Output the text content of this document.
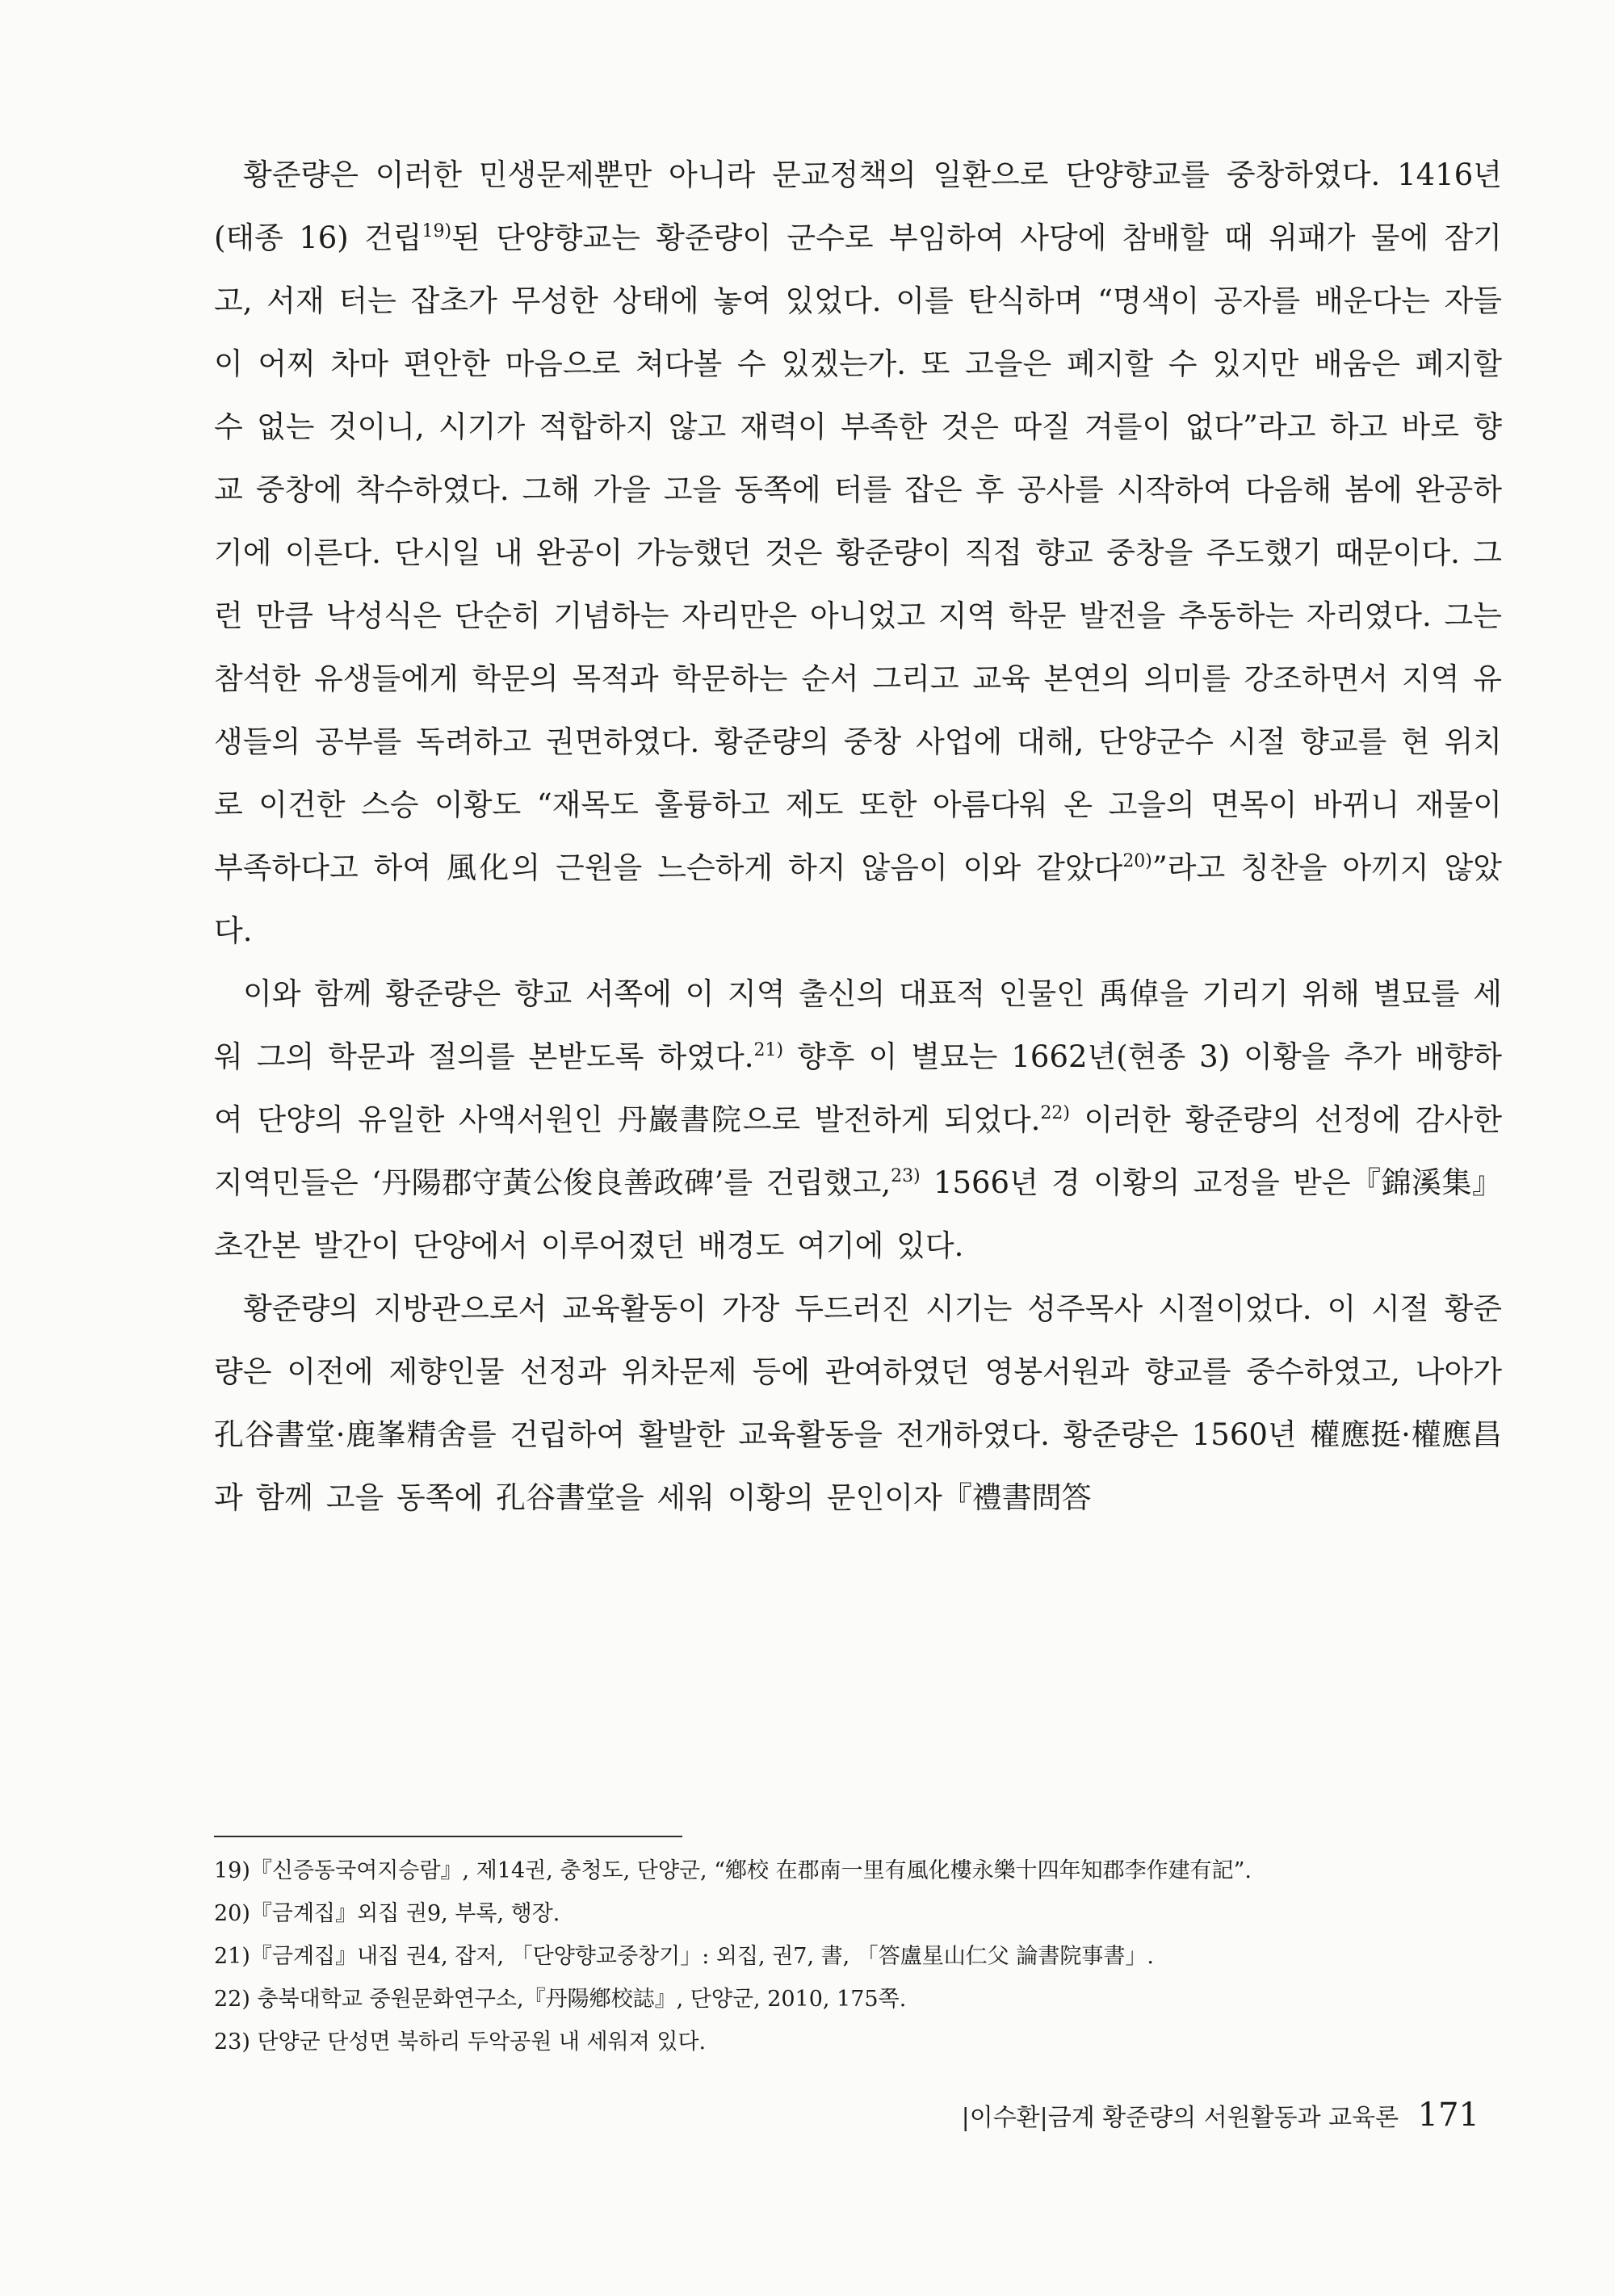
황준량은 이러한 민생문제뿐만 아니라 문교정책의 일환으로 단양향교를 중창하였다. 1416년(태종 16) 건립$^{19)}$된 단양향교는 황준량이 군수로 부임하여 사당에 참배할 때 위패가 물에 잠기고, 서재 터는 잡초가 무성한 상태에 놓여 있었다. 이를 탄식하며 “명색이 공자를 배운다는 자들이 어찌 차마 편안한 마음으로 쳐다볼 수 있겠는가. 또 고을은 폐지할 수 있지만 배움은 폐지할 수 없는 것이니, 시기가 적합하지 않고 재력이 부족한 것은 따질 겨를이 없다”라고 하고 바로 향교 중창에 착수하였다. 그해 가을 고을 동쪽에 터를 잡은 후 공사를 시작하여 다음해 봄에 완공하기에 이른다. 단시일 내 완공이 가능했던 것은 황준량이 직접 향교 중창을 주도했기 때문이다. 그런 만큼 낙성식은 단순히 기념하는 자리만은 아니었고 지역 학문 발전을 추동하는 자리였다. 그는 참석한 유생들에게 학문의 목적과 학문하는 순서 그리고 교육 본연의 의미를 강조하면서 지역 유생들의 공부를 독려하고 권면하였다. 황준량의 중창 사업에 대해, 단양군수 시절 향교를 현 위치로 이건한 스승 이황도 “재목도 훌륭하고 제도 또한 아름다워 온 고을의 면목이 바뀌니 재물이 부족하다고 하여 風化의 근원을 느슨하게 하지 않음이 이와 같았다$^{20)}$”라고 칭찬을 아끼지 않았다.

이와 함께 황준량은 향교 서쪽에 이 지역 출신의 대표적 인물인 禹倬을 기리기 위해 별묘를 세워 그의 학문과 절의를 본받도록 하였다.$^{21)}$ 향후 이 별묘는 1662년(현종 3) 이황을 추가 배향하여 단양의 유일한 사액서원인 丹巖書院으로 발전하게 되었다.$^{22)}$ 이러한 황준량의 선정에 감사한 지역민들은 ‘丹陽郡守黃公俊良善政碑’를 건립했고,$^{23)}$ 1566년 경 이황의 교정을 받은『錦溪集』초간본 발간이 단양에서 이루어졌던 배경도 여기에 있다.

황준량의 지방관으로서 교육활동이 가장 두드러진 시기는 성주목사 시절이었다. 이 시절 황준량은 이전에 제향인물 선정과 위차문제 등에 관여하였던 영봉서원과 향교를 중수하였고, 나아가 孔谷書堂·鹿峯精舍를 건립하여 활발한 교육활동을 전개하였다. 황준량은 1560년 權應挺·權應昌과 함께 고을 동쪽에 孔谷書堂을 세워 이황의 문인이자『禮書問答

19)『신증동국여지승람』, 제14권, 충청도, 단양군, “鄕校 在郡南一里有風化樓永樂十四年知郡李作建有記”.
20)『금계집』외집 권9, 부록, 행장.
21)『금계집』내집 권4, 잡저, 「단양향교중창기」: 외집, 권7, 書, 「答盧星山仁父 論書院事書」.
22) 충북대학교 중원문화연구소,『丹陽鄕校誌』, 단양군, 2010, 175쪽.
23) 단양군 단성면 북하리 두악공원 내 세워져 있다.
|이수환|금계 황준량의 서원활동과 교육론 171
